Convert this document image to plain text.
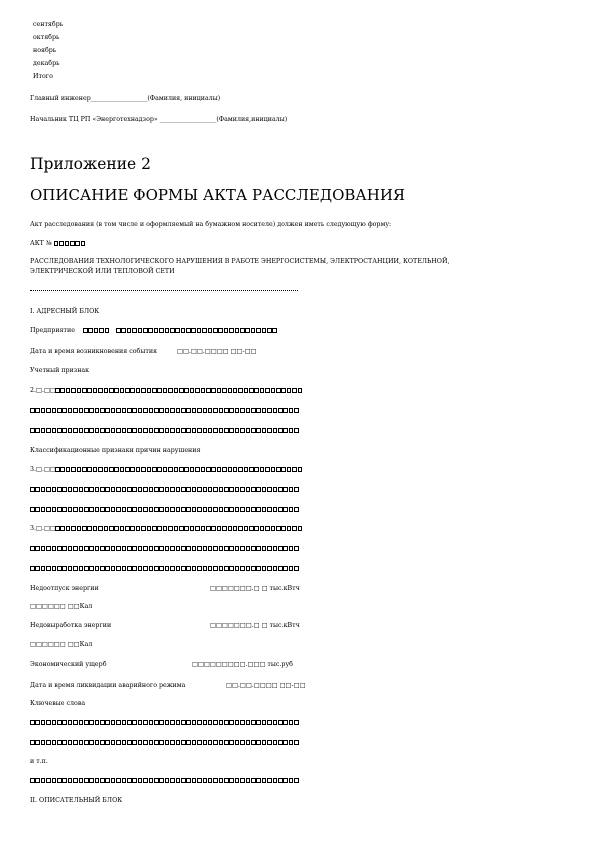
сентябрь
октябрь
ноябрь
декабрь
Итого
Главный инженер__________________(Фамилия, инициалы)
Начальник ТЦ РП «Энерготехнадзор» __________________(Фамилия,инициалы)
Приложение 2
ОПИСАНИЕ ФОРМЫ АКТА РАССЛЕДОВАНИЯ
Акт расследования (в том числе и оформляемый на бумажном носителе) должен иметь следующую форму:
АКТ №
РАССЛЕДОВАНИЯ ТЕХНОЛОГИЧЕСКОГО НАРУШЕНИЯ В РАБОТЕ ЭНЕРГОСИСТЕМЫ, ЭЛЕКТРОСТАНЦИИ, КОТЕЛЬНОЙ,
ЭЛЕКТРИЧЕСКОЙ ИЛИ ТЕПЛОВОЙ СЕТИ
I. АДРЕСНЫЙ БЛОК
Предприятие
Дата и время возникновения события	□□.□□.□□□□ □□-□□
Учетный признак
2.□.□□
Классификационные признаки причин нарушения
3.□.□□
3.□.□□
Недоотпуск энергии	□□□□□□□.□ □ тыс.кВтч
□□□□□□ □□Кал
Недовыработка энергии	□□□□□□□.□ □ тыс.кВтч
□□□□□□ □□Кал
Экономический ущерб	□□□□□□□□□.□□□ тыс.руб
Дата и время ликвидации аварийного режима	□□.□□.□□□□ □□-□□
Ключевые слова
и т.п.
II. ОПИСАТЕЛЬНЫЙ БЛОК
